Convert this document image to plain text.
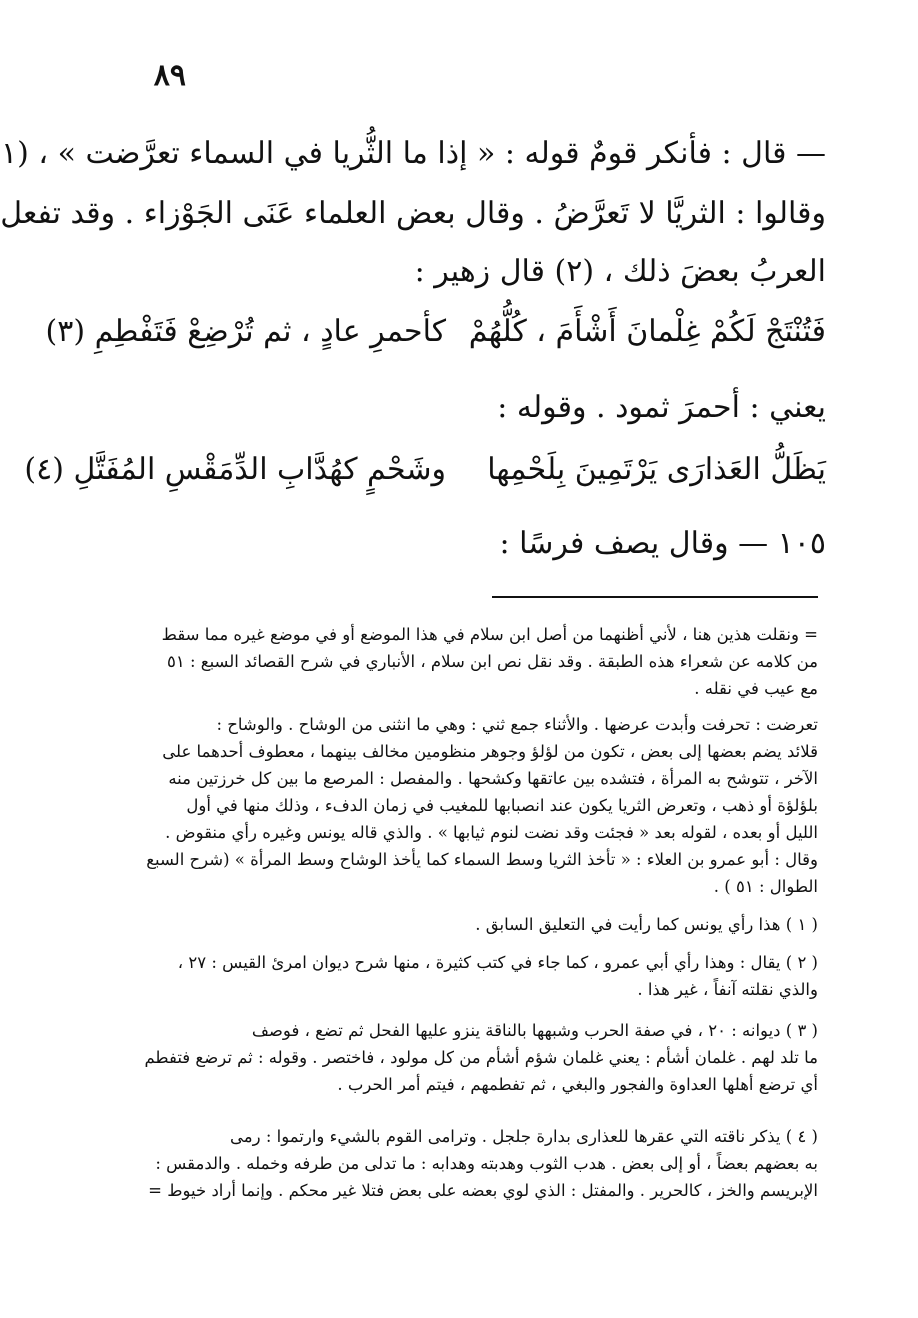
٨٩
— قال : فأنكر قومٌ قوله : « إذا ما الثُّريا في السماء تعرَّضت » ، (١
وقالوا : الثريَّا لا تَعرَّضُ . وقال بعض العلماء عَنَى الجَوْزاء . وقد تفعل
العربُ بعضَ ذلك ، (٢) قال زهير :
فَتُنْتَجْ لَكُمْ غِلْمانَ أَشْأَمَ ، كُلُّهُمْ
كأحمرِ عادٍ ، ثم تُرْضِعْ فَتَفْطِمِ (٣)
يعني : أحمرَ ثمود . وقوله :
يَظَلُّ العَذارَى يَرْتَمِينَ بِلَحْمِها
وشَحْمٍ كهُدَّابِ الدِّمَقْسِ المُفَتَّلِ (٤)
١٠٥ — وقال يصف فرسًا :
= ونقلت هذين هنا ، لأني أظنهما من أصل ابن سلام في هذا الموضع أو في موضع غيره مما سقط
من كلامه عن شعراء هذه الطبقة . وقد نقل نص ابن سلام ، الأنباري في شرح القصائد السبع : ٥١
مع عيب في نقله .
تعرضت : تحرفت وأبدت عرضها . والأثناء جمع ثني : وهي ما انثنى من الوشاح . والوشاح :
قلائد يضم بعضها إلى بعض ، تكون من لؤلؤ وجوهر منظومين مخالف بينهما ، معطوف أحدهما على
الآخر ، تتوشح به المرأة ، فتشده بين عاتقها وكشحها . والمفصل : المرصع ما بين كل خرزتين منه
بلؤلؤة أو ذهب ، وتعرض الثريا يكون عند انصبابها للمغيب في زمان الدفء ، وذلك منها في أول
الليل أو بعده ، لقوله بعد « فجئت وقد نضت لنوم ثيابها » . والذي قاله يونس وغيره رأي منقوض .
وقال : أبو عمرو بن العلاء : « تأخذ الثريا وسط السماء كما يأخذ الوشاح وسط المرأة » (شرح السبع
الطوال : ٥١ ) .
( ١ ) هذا رأي يونس كما رأيت في التعليق السابق .
( ٢ ) يقال : وهذا رأي أبي عمرو ، كما جاء في كتب كثيرة ، منها شرح ديوان امرئ القيس : ٢٧ ،
والذي نقلته آنفاً ، غير هذا .
( ٣ ) ديوانه : ٢٠ ، في صفة الحرب وشبهها بالناقة ينزو عليها الفحل ثم تضع ، فوصف
ما تلد لهم . غلمان أشأم : يعني غلمان شؤم أشأم من كل مولود ، فاختصر . وقوله : ثم ترضع فتفطم
أي ترضع أهلها العداوة والفجور والبغي ، ثم تفطمهم ، فيتم أمر الحرب .
( ٤ ) يذكر ناقته التي عقرها للعذارى بدارة جلجل . وترامى القوم بالشيء وارتموا : رمى
به بعضهم بعضاً ، أو إلى بعض . هدب الثوب وهدبته وهدابه : ما تدلى من طرفه وخمله . والدمقس :
الإبريسم والخز ، كالحرير . والمفتل : الذي لوي بعضه على بعض فتلا غير محكم . وإنما أراد خيوط =
